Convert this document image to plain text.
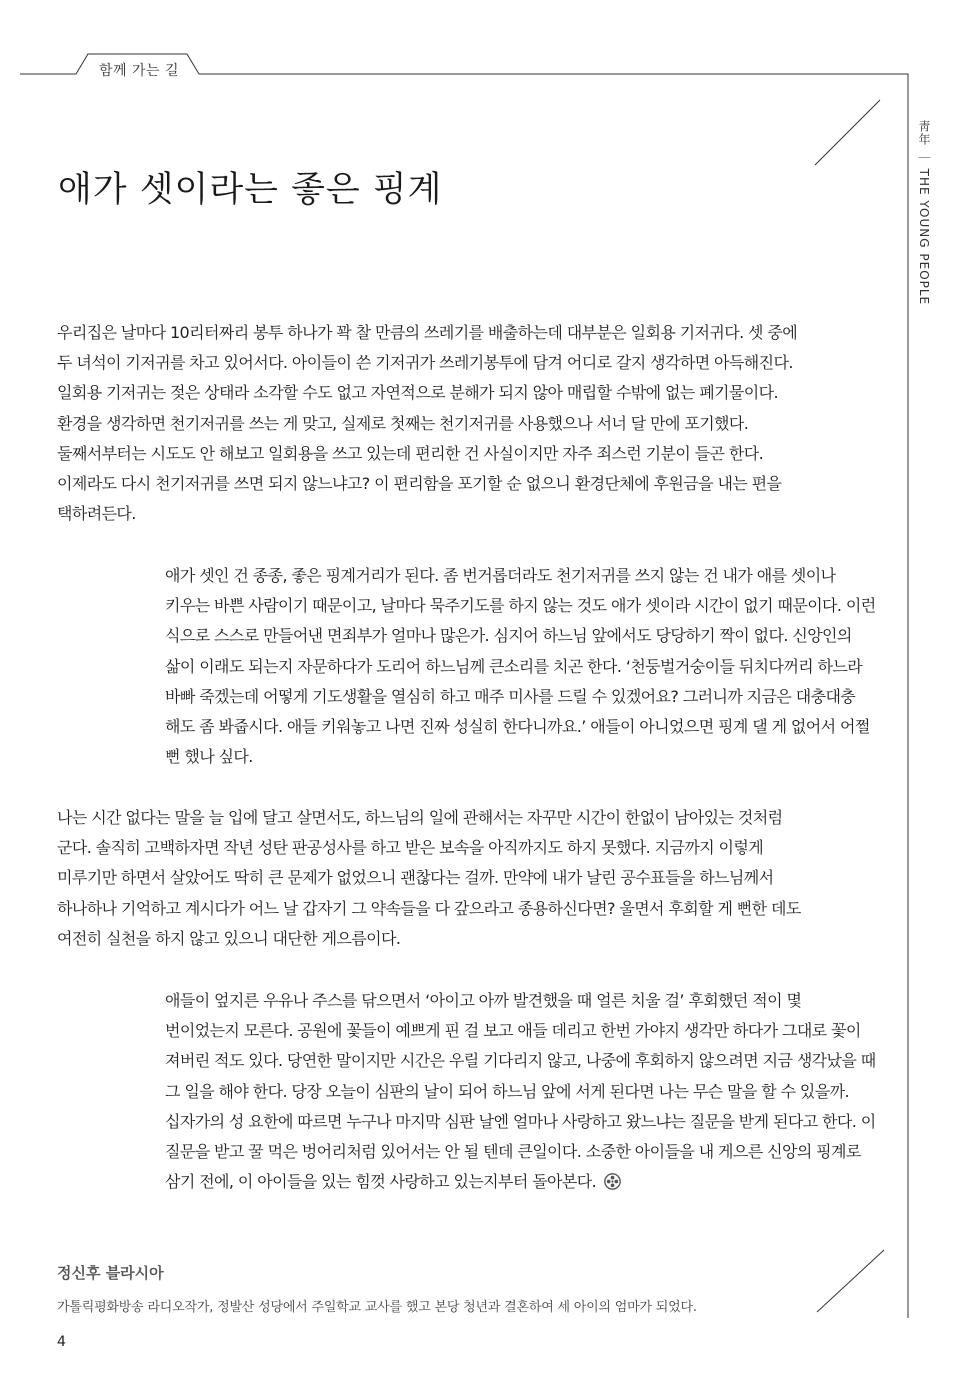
함께 가는 길
靑年 ｜ THE YOUNG PEOPLE
애가 셋이라는 좋은 핑계

우리집은 날마다 10리터짜리 봉투 하나가 꽉 찰 만큼의 쓰레기를 배출하는데 대부분은 일회용 기저귀다. 셋 중에 두 녀석이 기저귀를 차고 있어서다. 아이들이 쓴 기저귀가 쓰레기봉투에 담겨 어디로 갈지 생각하면 아득해진다. 일회용 기저귀는 젖은 상태라 소각할 수도 없고 자연적으로 분해가 되지 않아 매립할 수밖에 없는 폐기물이다. 환경을 생각하면 천기저귀를 쓰는 게 맞고, 실제로 첫째는 천기저귀를 사용했으나 서너 달 만에 포기했다. 둘째서부터는 시도도 안 해보고 일회용을 쓰고 있는데 편리한 건 사실이지만 자주 죄스런 기분이 들곤 한다. 이제라도 다시 천기저귀를 쓰면 되지 않느냐고? 이 편리함을 포기할 순 없으니 환경단체에 후원금을 내는 편을 택하려든다.

애가 셋인 건 종종, 좋은 핑계거리가 된다. 좀 번거롭더라도 천기저귀를 쓰지 않는 건 내가 애를 셋이나 키우는 바쁜 사람이기 때문이고, 날마다 묵주기도를 하지 않는 것도 애가 셋이라 시간이 없기 때문이다. 이런 식으로 스스로 만들어낸 면죄부가 얼마나 많은가. 심지어 하느님 앞에서도 당당하기 짝이 없다. 신앙인의 삶이 이래도 되는지 자문하다가 도리어 하느님께 큰소리를 치곤 한다. ‘천둥벌거숭이들 뒤치다꺼리 하느라 바빠 죽겠는데 어떻게 기도생활을 열심히 하고 매주 미사를 드릴 수 있겠어요? 그러니까 지금은 대충대충 해도 좀 봐줍시다. 애들 키워놓고 나면 진짜 성실히 한다니까요.’ 애들이 아니었으면 핑계 댈 게 없어서 어쩔 뻔 했나 싶다.

나는 시간 없다는 말을 늘 입에 달고 살면서도, 하느님의 일에 관해서는 자꾸만 시간이 한없이 남아있는 것처럼 군다. 솔직히 고백하자면 작년 성탄 판공성사를 하고 받은 보속을 아직까지도 하지 못했다. 지금까지 이렇게 미루기만 하면서 살았어도 딱히 큰 문제가 없었으니 괜찮다는 걸까. 만약에 내가 날린 공수표들을 하느님께서 하나하나 기억하고 계시다가 어느 날 갑자기 그 약속들을 다 갚으라고 종용하신다면? 울면서 후회할 게 뻔한 데도 여전히 실천을 하지 않고 있으니 대단한 게으름이다.

애들이 엎지른 우유나 주스를 닦으면서 ‘아이고 아까 발견했을 때 얼른 치울 걸’ 후회했던 적이 몇 번이었는지 모른다. 공원에 꽃들이 예쁘게 핀 걸 보고 애들 데리고 한번 가야지 생각만 하다가 그대로 꽃이 져버린 적도 있다. 당연한 말이지만 시간은 우릴 기다리지 않고, 나중에 후회하지 않으려면 지금 생각났을 때 그 일을 해야 한다. 당장 오늘이 심판의 날이 되어 하느님 앞에 서게 된다면 나는 무슨 말을 할 수 있을까. 십자가의 성 요한에 따르면 누구나 마지막 심판 날엔 얼마나 사랑하고 왔느냐는 질문을 받게 된다고 한다. 이 질문을 받고 꿀 먹은 벙어리처럼 있어서는 안 될 텐데 큰일이다. 소중한 아이들을 내 게으른 신앙의 핑계로 삼기 전에, 이 아이들을 있는 힘껏 사랑하고 있는지부터 돌아본다.

정신후 블라시아
가톨릭평화방송 라디오작가, 정발산 성당에서 주일학교 교사를 했고 본당 청년과 결혼하여 세 아이의 엄마가 되었다.
4
